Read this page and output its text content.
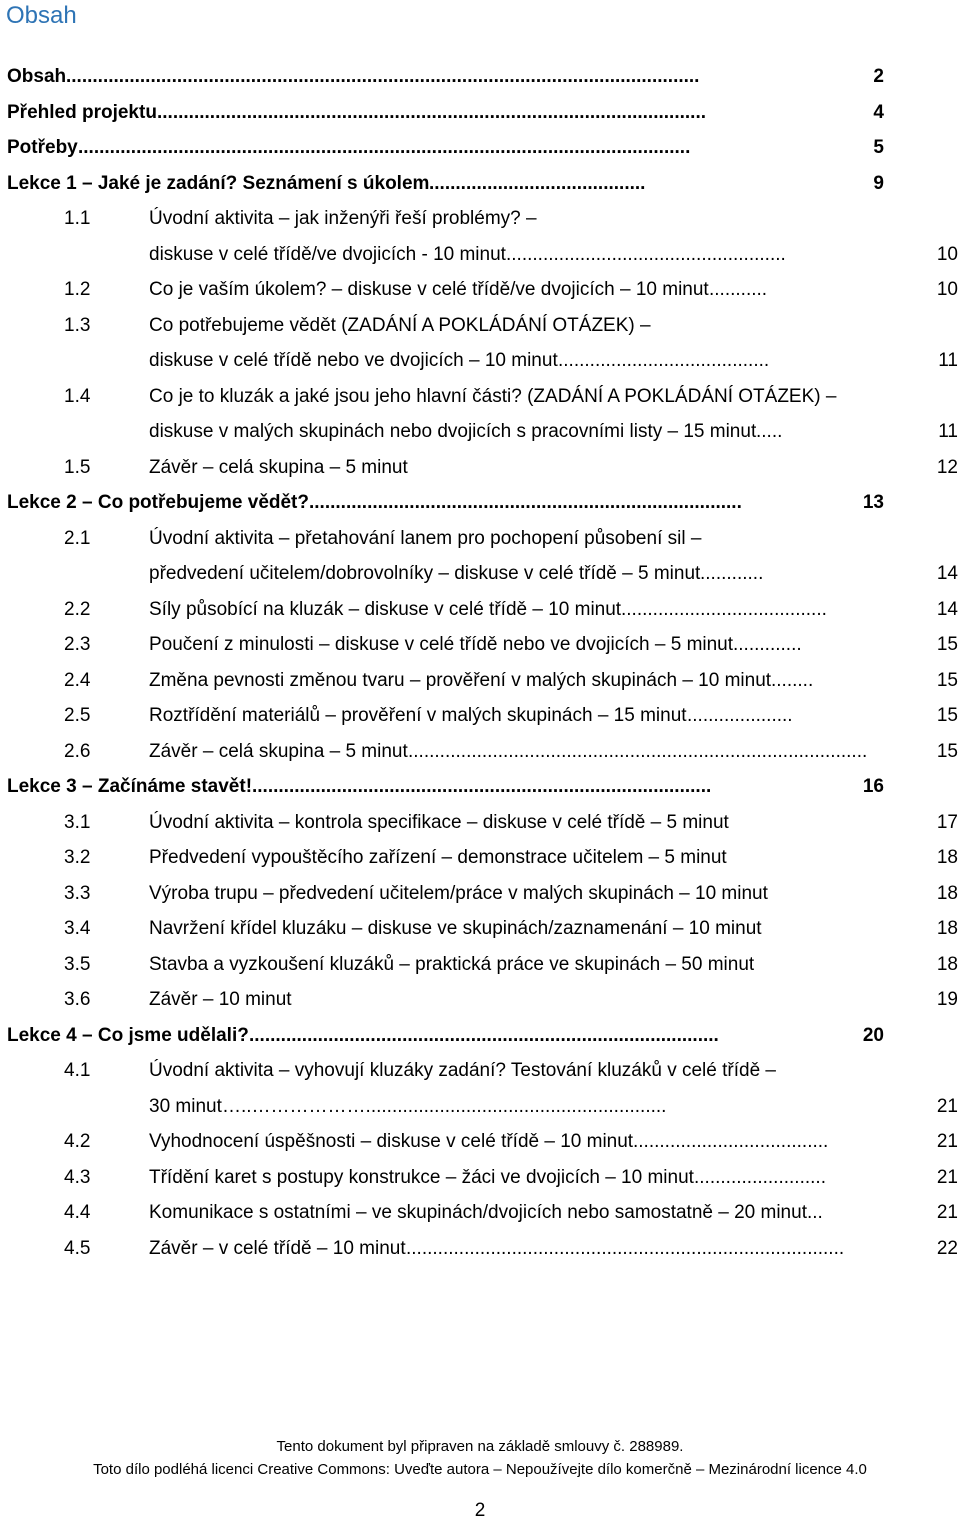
Obsah
Obsah	2
........................................................................................................................
Přehled projektu	4
........................................................................................................
Potřeby	5
....................................................................................................................
Lekce 1 – Jaké je zadání? Seznámení s úkolem	9
.........................................
1.1	Úvodní aktivita – jak inženýři řeší problémy? –
diskuse v celé třídě/ve dvojicích - 10 minut	10
.....................................................
1.2	Co je vaším úkolem? – diskuse v celé třídě/ve dvojicích – 10 minut	10
...........
1.3	Co potřebujeme vědět (ZADÁNÍ A POKLÁDÁNÍ OTÁZEK) –
diskuse v celé třídě nebo ve dvojicích – 10 minut	11
........................................
1.4	Co je to kluzák a jaké jsou jeho hlavní části? (ZADÁNÍ A POKLÁDÁNÍ OTÁZEK) –
diskuse v malých skupinách nebo dvojicích s pracovními listy – 15 minut	11
.....
1.5	Závěr – celá skupina – 5 minut	12
Lekce 2 – Co potřebujeme vědět?	13
..................................................................................
2.1	Úvodní aktivita – přetahování lanem pro pochopení působení sil –
předvedení učitelem/dobrovolníky – diskuse v celé třídě – 5 minut	14
............
2.2	Síly působící na kluzák – diskuse v celé třídě – 10 minut	14
.......................................
2.3	Poučení z minulosti – diskuse v celé třídě nebo ve dvojicích – 5 minut	15
.............
2.4	Změna pevnosti změnou tvaru – prověření v malých skupinách – 10 minut	15
........
2.5	Roztřídění materiálů – prověření v malých skupinách – 15 minut	15
....................
2.6	Závěr – celá skupina – 5 minut	15
.......................................................................................
Lekce 3 – Začínáme stavět!	16
.......................................................................................
3.1	Úvodní aktivita – kontrola specifikace – diskuse v celé třídě – 5 minut	17
3.2	Předvedení vypouštěcího zařízení – demonstrace učitelem – 5 minut	18
3.3	Výroba trupu – předvedení učitelem/práce v malých skupinách – 10 minut	18
3.4	Navržení křídel kluzáku – diskuse ve skupinách/zaznamenání – 10 minut	18
3.5	Stavba a vyzkoušení kluzáků – praktická práce ve skupinách – 50 minut	18
3.6	Závěr – 10 minut	19
Lekce 4 – Co jsme udělali?	20
.........................................................................................
4.1	Úvodní aktivita – vyhovují kluzáky zadání? Testování kluzáků v celé třídě –
30 minut	21
…..……………….........................................................
4.2	Vyhodnocení úspěšnosti – diskuse v celé třídě – 10 minut	21
.....................................
4.3	Třídění karet s postupy konstrukce – žáci ve dvojicích – 10 minut	21
.........................
4.4	Komunikace s ostatními – ve skupinách/dvojicích nebo samostatně – 20 minut	21
...
4.5	Závěr – v celé třídě – 10 minut	22
...................................................................................
Tento dokument byl připraven na základě smlouvy č. 288989.
Toto dílo podléhá licenci Creative Commons: Uveďte autora – Nepoužívejte dílo komerčně – Mezinárodní licence 4.0
2
